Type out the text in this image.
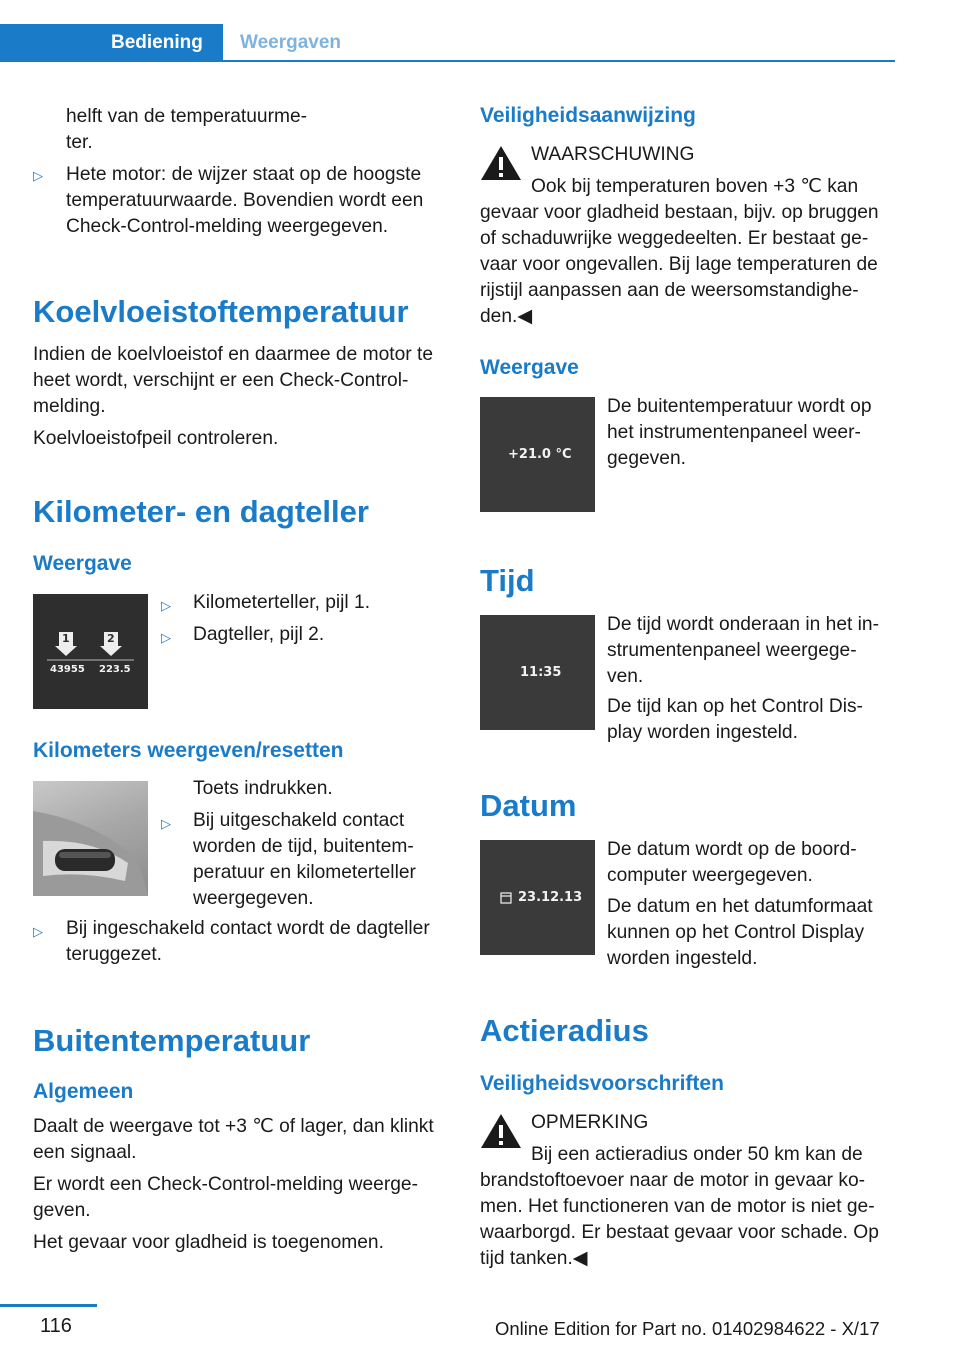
Bediening	Weergaven
helft van de temperatuurme-
ter.
▷ Hete motor: de wijzer staat op de hoogste
temperatuurwaarde. Bovendien wordt een
Check-Control-melding weergegeven.
Koelvloeistoftemperatuur
Indien de koelvloeistof en daarmee de motor te
heet wordt, verschijnt er een Check-Control-
melding.
Koelvloeistofpeil controleren.
Kilometer- en dagteller
Weergave
1	2
43955 223.5
▷ Kilometerteller, pijl 1.
▷ Dagteller, pijl 2.
Kilometers weergeven/resetten
Toets indrukken.
▷ Bij uitgeschakeld contact
worden de tijd, buitentem-
peratuur en kilometerteller
weergegeven.
▷ Bij ingeschakeld contact wordt de dagteller
teruggezet.
Buitentemperatuur
Algemeen
Daalt de weergave tot +3 ℃ of lager, dan klinkt
een signaal.
Er wordt een Check-Control-melding weerge-
geven.
Het gevaar voor gladheid is toegenomen.
Veiligheidsaanwijzing
WAARSCHUWING
Ook bij temperaturen boven +3 ℃ kan
gevaar voor gladheid bestaan, bijv. op bruggen
of schaduwrijke weggedeelten. Er bestaat ge-
vaar voor ongevallen. Bij lage temperaturen de
rijstijl aanpassen aan de weersomstandighe-
den.◀
Weergave
+21.0 °C
De buitentemperatuur wordt op
het instrumentenpaneel weer-
gegeven.
Tijd
11:35
De tijd wordt onderaan in het in-
strumentenpaneel weergege-
ven.
De tijd kan op het Control Dis-
play worden ingesteld.
Datum
23.12.13
De datum wordt op de boord-
computer weergegeven.
De datum en het datumformaat
kunnen op het Control Display
worden ingesteld.
Actieradius
Veiligheidsvoorschriften
OPMERKING
Bij een actieradius onder 50 km kan de
brandstoftoevoer naar de motor in gevaar ko-
men. Het functioneren van de motor is niet ge-
waarborgd. Er bestaat gevaar voor schade. Op
tijd tanken.◀
116	Online Edition for Part no. 01402984622 - X/17
